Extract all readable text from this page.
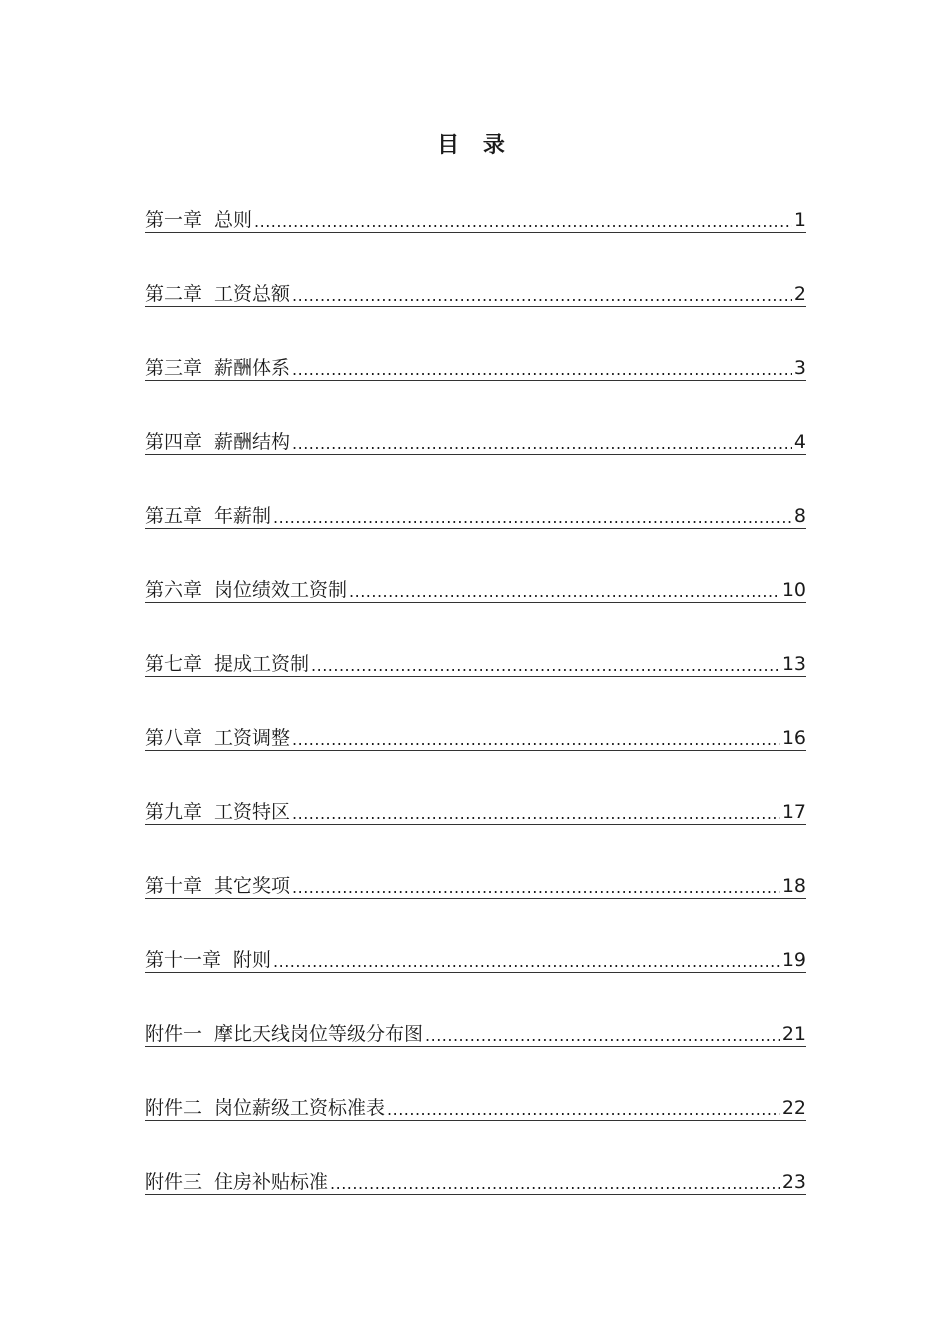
目 录
第一章 总则 .....	1
第二章 工资总额 .....	2
第三章 薪酬体系 .....	3
第四章 薪酬结构 .....	4
第五章 年薪制 .....	8
第六章 岗位绩效工资制 .....	10
第七章 提成工资制 .....	13
第八章 工资调整 .....	16
第九章 工资特区 .....	17
第十章 其它奖项 .....	18
第十一章 附则 .....	19
附件一 摩比天线岗位等级分布图 .....	21
附件二 岗位薪级工资标准表 .....	22
附件三 住房补贴标准 .....	23
